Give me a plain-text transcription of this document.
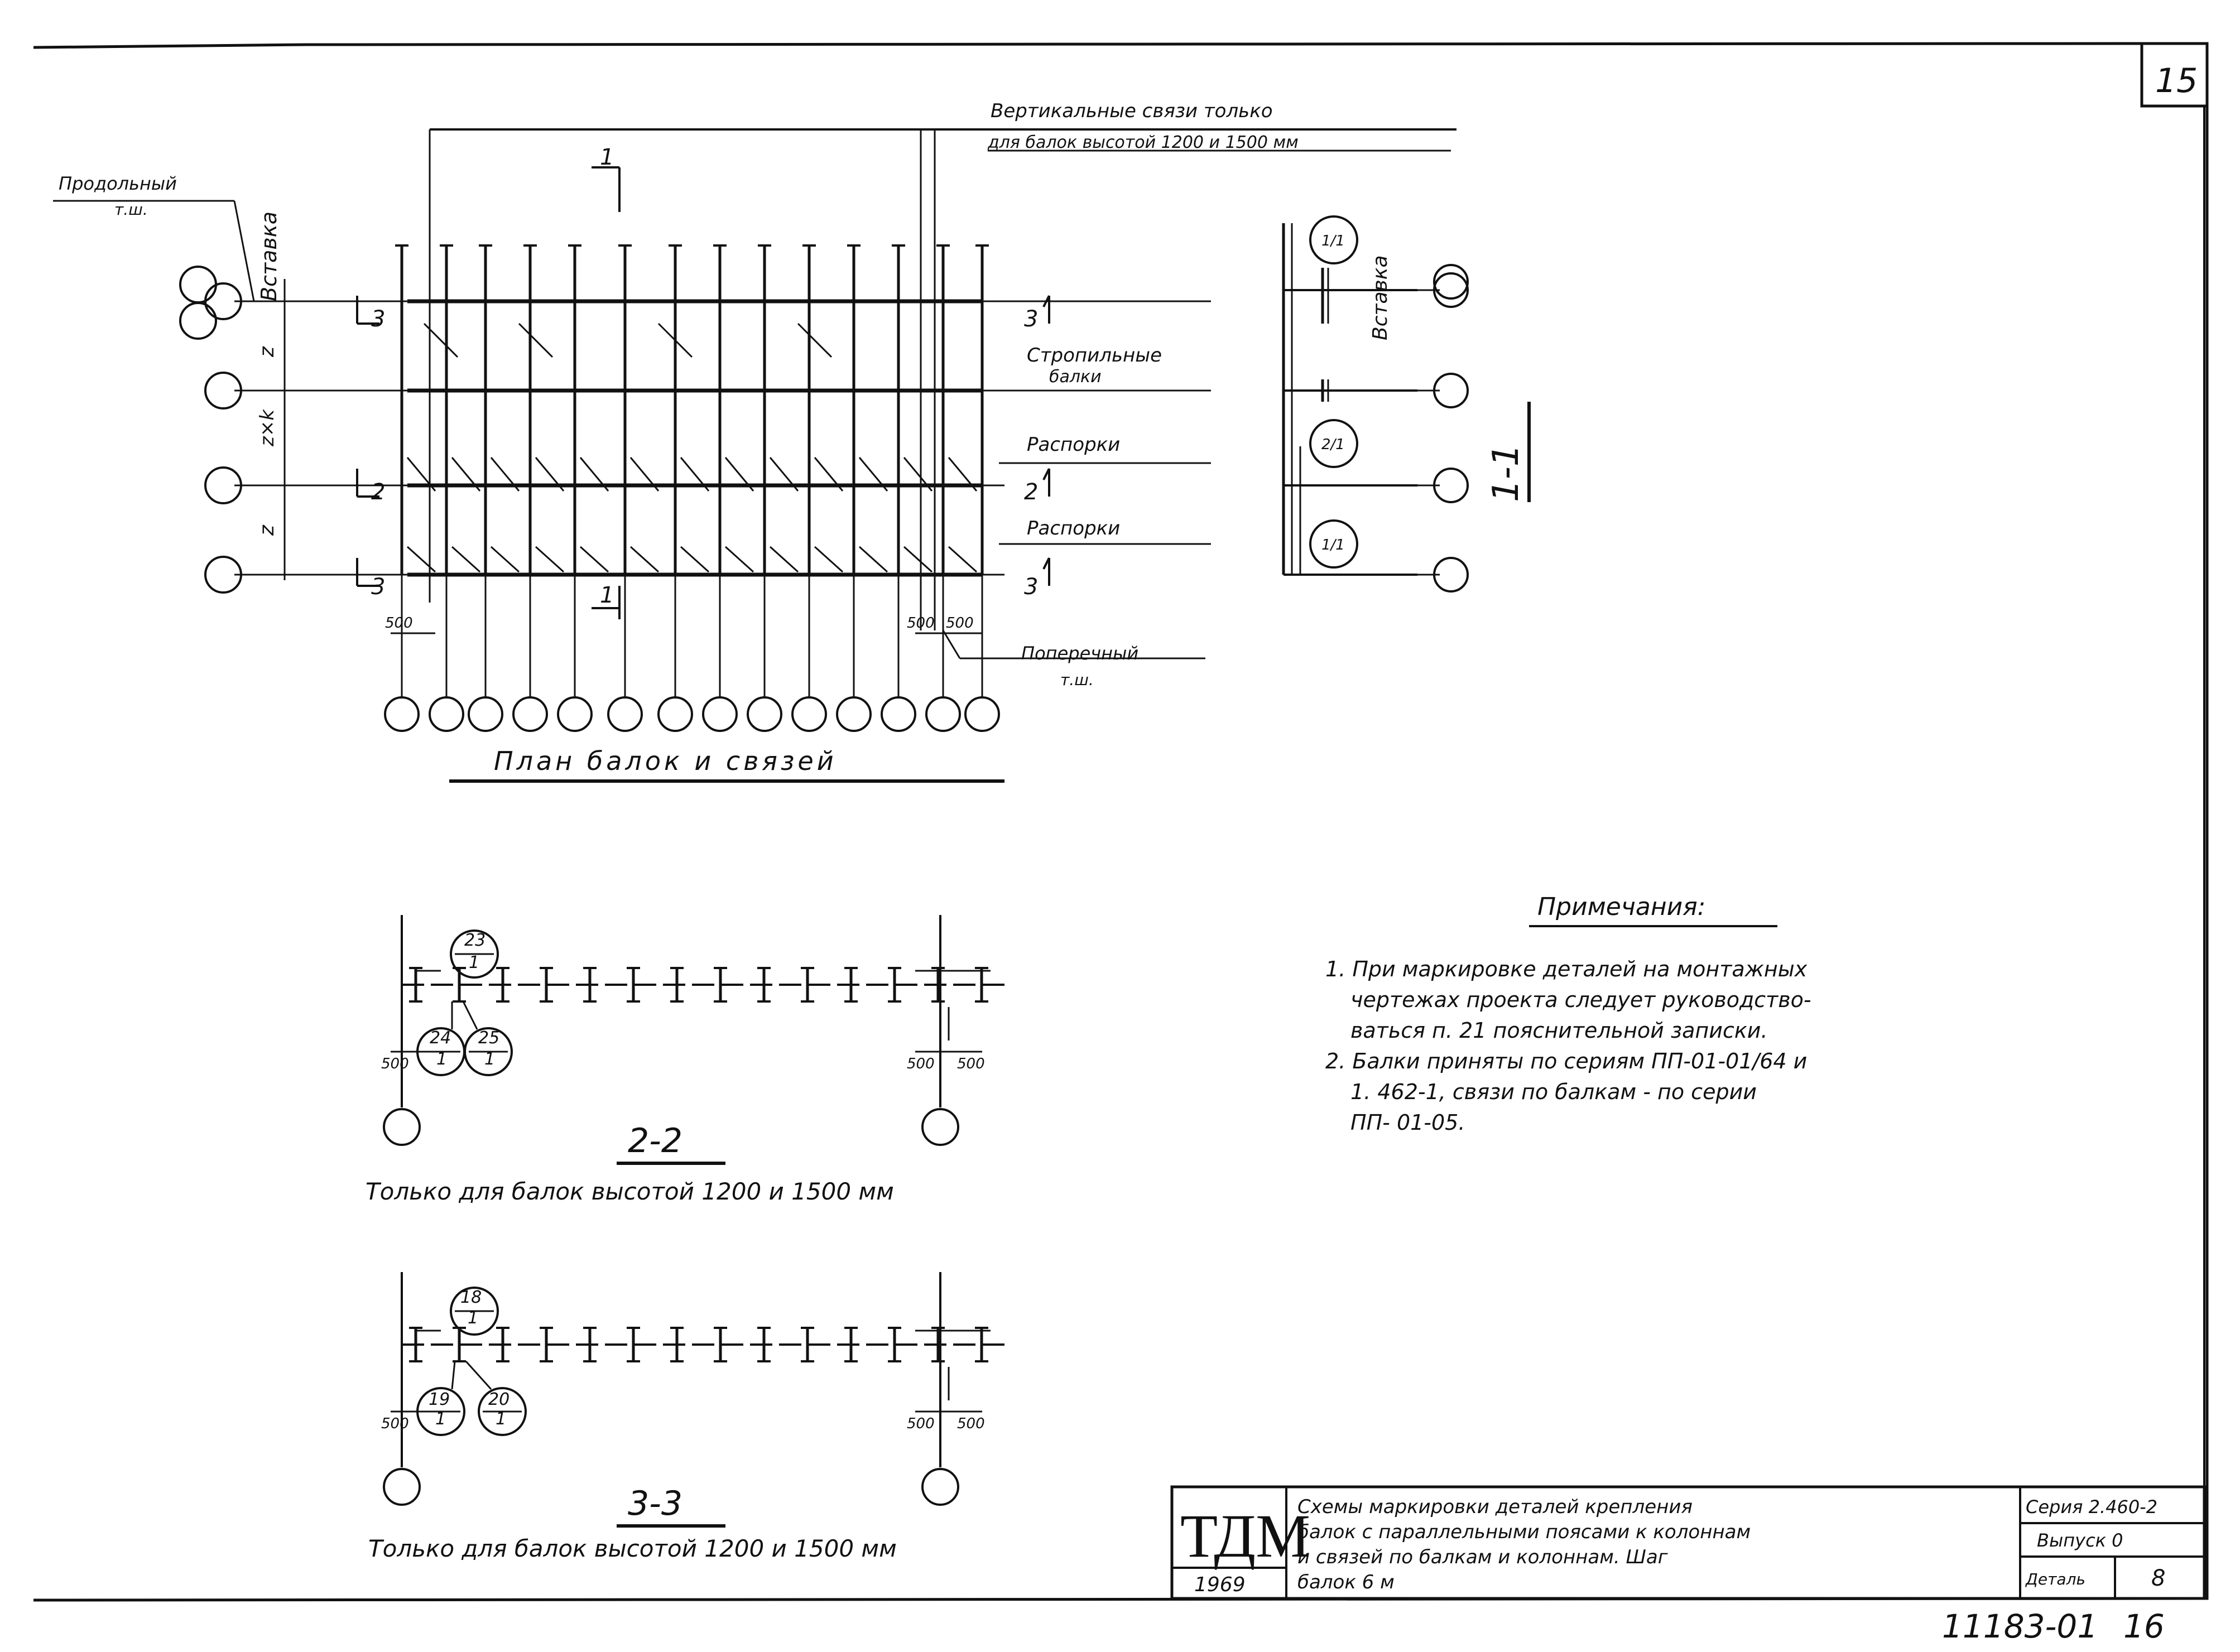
15
Вертикальные связи только
для балок высотой 1200 и 1500 мм
Продольный
т.ш.
Вставка
Стропильные
балки
Распорки
Распорки
Поперечный
т.ш.
z
z×k
z
500	500 500
1
1
3	3
2	2
3	3
План балок и связей
Вставка
1-1
1/1
2/1
1/1
23
1
24
1
25
1
500	500 500
2-2
Только для балок высотой 1200 и 1500 мм
18
1
19
1
20
1
500	500 500
3-3
Только для балок высотой 1200 и 1500 мм
Примечания:
1. При маркировке деталей на монтажных
чертежах проекта следует руководство-
ваться п. 21 пояснительной записки.
2. Балки приняты по сериям ПП-01-01/64 и
1. 462-1, связи по балкам - по серии
ПП- 01-05.
ТДМ
1969
Схемы маркировки деталей крепления
балок с параллельными поясами к колоннам
и связей по балкам и колоннам. Шаг
балок 6 м
Серия 2.460-2
Выпуск 0
Деталь	8
11183-01 16
